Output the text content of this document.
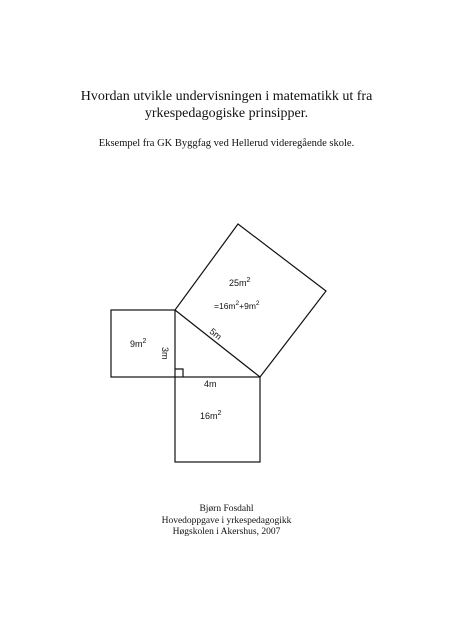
Hvordan utvikle undervisningen i matematikk ut fra
yrkespedagogiske prinsipper.
Eksempel fra GK Byggfag ved Hellerud videregående skole.
$25m^2$
$=16m^2+9m^2$
5m
$9m^2$
3m
4m
$16m^2$
Bjørn Fosdahl
Hovedoppgave i yrkespedagogikk
Høgskolen i Akershus, 2007
